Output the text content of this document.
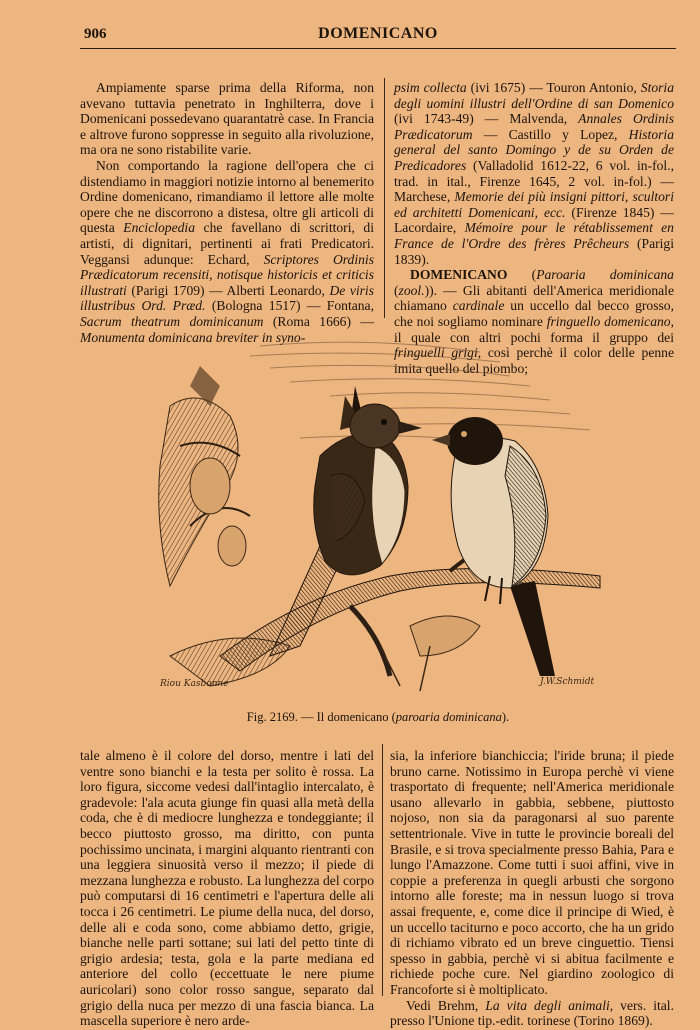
906	DOMENICANO

Ampiamente sparse prima della Riforma, non avevano tuttavia penetrato in Inghilterra, dove i Domenicani possedevano quarantatrè case. In Francia e altrove furono soppresse in seguito alla rivoluzione, ma ora ne sono ristabilite varie.

Non comportando la ragione dell'opera che ci distendiamo in maggiori notizie intorno al benemerito Ordine domenicano, rimandiamo il lettore alle molte opere che ne discorrono a distesa, oltre gli articoli di questa Enciclopedia che favellano di scrittori, di artisti, di dignitari, pertinenti ai frati Predicatori. Veggansi adunque: Echard, Scriptores Ordinis Prædicatorum recensiti, notisque historicis et criticis illustrati (Parigi 1709) — Alberti Leonardo, De viris illustribus Ord. Præd. (Bologna 1517) — Fontana, Sacrum theatrum dominicanum (Roma 1666) — Monumenta dominicana breviter in syno-

psim collecta (ivi 1675) — Touron Antonio, Storia degli uomini illustri dell'Ordine di san Domenico (ivi 1743-49) — Malvenda, Annales Ordinis Prædicatorum — Castillo y Lopez, Historia general del santo Domingo y de su Orden de Predicadores (Valladolid 1612-22, 6 vol. in-fol., trad. in ital., Firenze 1645, 2 vol. in-fol.) — Marchese, Memorie dei più insigni pittori, scultori ed architetti Domenicani, ecc. (Firenze 1845) — Lacordaire, Mémoire pour le rétablissement en France de l'Ordre des frères Prêcheurs (Parigi 1839).

DOMENICANO (Paroaria dominicana (zool.)). — Gli abitanti dell'America meridionale chiamano cardinale un uccello dal becco grosso, che noi sogliamo nominare fringuello domenicano, il quale con altri pochi forma il gruppo dei fringuelli grigi, così perchè il color delle penne imita quello del piombo;

Riou Kasbonne	J.W.Schmidt
Fig. 2169. — Il domenicano (paroaria dominicana).

tale almeno è il colore del dorso, mentre i lati del ventre sono bianchi e la testa per solito è rossa. La loro figura, siccome vedesi dall'intaglio intercalato, è gradevole: l'ala acuta giunge fin quasi alla metà della coda, che è di mediocre lunghezza e tondeggiante; il becco piuttosto grosso, ma diritto, con punta pochissimo uncinata, i margini alquanto rientranti con una leggiera sinuosità verso il mezzo; il piede di mezzana lunghezza e robusto. La lunghezza del corpo può computarsi di 16 centimetri e l'apertura delle ali tocca i 26 centimetri. Le piume della nuca, del dorso, delle ali e coda sono, come abbiamo detto, grigie, bianche nelle parti sottane; sui lati del petto tinte di grigio ardesia; testa, gola e la parte mediana ed anteriore del collo (eccettuate le nere piume auricolari) sono color rosso sangue, separato dal grigio della nuca per mezzo di una fascia bianca. La mascella superiore è nero arde-

sia, la inferiore bianchiccia; l'iride bruna; il piede bruno carne. Notissimo in Europa perchè vi viene trasportato di frequente; nell'America meridionale usano allevarlo in gabbia, sebbene, piuttosto nojoso, non sia da paragonarsi al suo parente settentrionale. Vive in tutte le provincie boreali del Brasile, e si trova specialmente presso Bahia, Para e lungo l'Amazzone. Come tutti i suoi affini, vive in coppie a preferenza in quegli arbusti che sorgono intorno alle foreste; ma in nessun luogo si trova assai frequente, e, come dice il principe di Wied, è un uccello taciturno e poco accorto, che ha un grido di richiamo vibrato ed un breve cinguettio. Tiensi spesso in gabbia, perchè vi si abitua facilmente e richiede poche cure. Nel giardino zoologico di Francoforte si è moltiplicato.

Vedi Brehm, La vita degli animali, vers. ital. presso l'Unione tip.-edit. torinese (Torino 1869).
